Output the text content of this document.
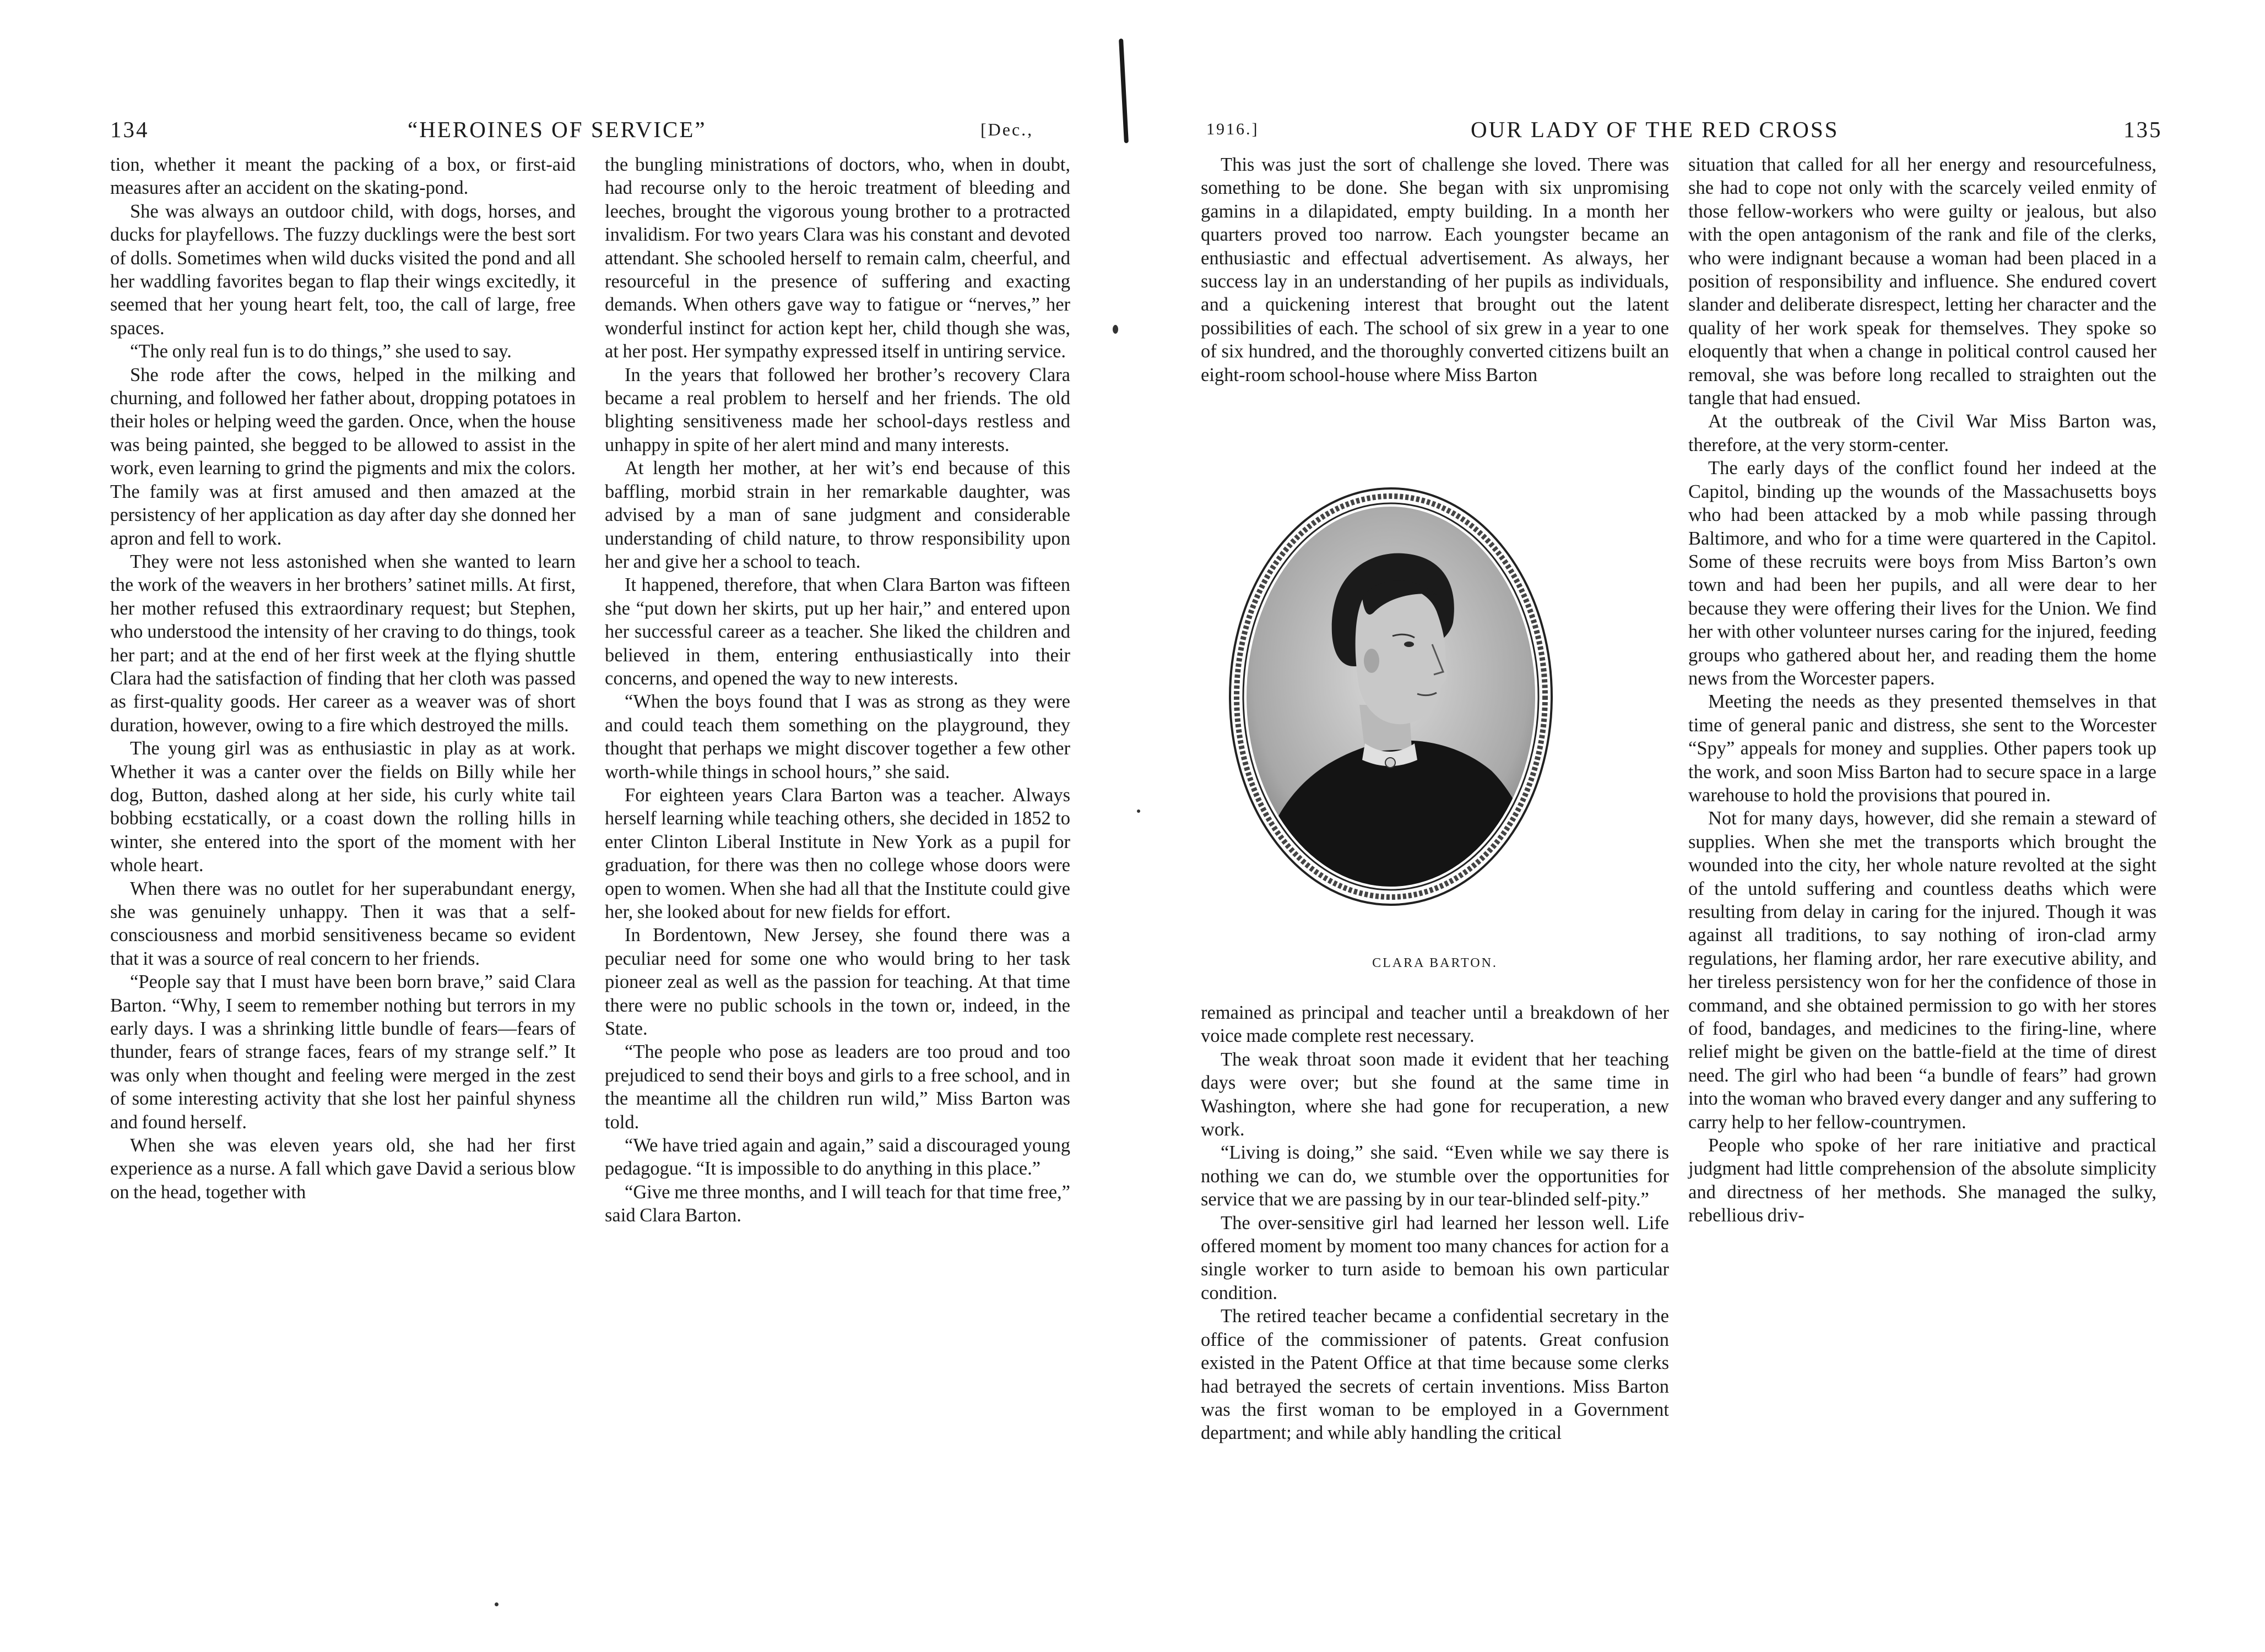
134	“HEROINES OF SERVICE”	[Dec.,

tion, whether it meant the packing of a box, or first-aid measures after an accident on the skating-pond.

She was always an outdoor child, with dogs, horses, and ducks for playfellows. The fuzzy ducklings were the best sort of dolls. Sometimes when wild ducks visited the pond and all her waddling favorites began to flap their wings excitedly, it seemed that her young heart felt, too, the call of large, free spaces.

“The only real fun is to do things,” she used to say.

She rode after the cows, helped in the milking and churning, and followed her father about, dropping potatoes in their holes or helping weed the garden. Once, when the house was being painted, she begged to be allowed to assist in the work, even learning to grind the pigments and mix the colors. The family was at first amused and then amazed at the persistency of her application as day after day she donned her apron and fell to work.

They were not less astonished when she wanted to learn the work of the weavers in her brothers’ satinet mills. At first, her mother refused this extraordinary request; but Stephen, who understood the intensity of her craving to do things, took her part; and at the end of her first week at the flying shuttle Clara had the satisfaction of finding that her cloth was passed as first-quality goods. Her career as a weaver was of short duration, however, owing to a fire which destroyed the mills.

The young girl was as enthusiastic in play as at work. Whether it was a canter over the fields on Billy while her dog, Button, dashed along at her side, his curly white tail bobbing ecstatically, or a coast down the rolling hills in winter, she entered into the sport of the moment with her whole heart.

When there was no outlet for her superabundant energy, she was genuinely unhappy. Then it was that a self-consciousness and morbid sensitiveness became so evident that it was a source of real concern to her friends.

“People say that I must have been born brave,” said Clara Barton. “Why, I seem to remember nothing but terrors in my early days. I was a shrinking little bundle of fears—fears of thunder, fears of strange faces, fears of my strange self.” It was only when thought and feeling were merged in the zest of some interesting activity that she lost her painful shyness and found herself.

When she was eleven years old, she had her first experience as a nurse. A fall which gave David a serious blow on the head, together with

the bungling ministrations of doctors, who, when in doubt, had recourse only to the heroic treatment of bleeding and leeches, brought the vigorous young brother to a protracted invalidism. For two years Clara was his constant and devoted attendant. She schooled herself to remain calm, cheerful, and resourceful in the presence of suffering and exacting demands. When others gave way to fatigue or “nerves,” her wonderful instinct for action kept her, child though she was, at her post. Her sympathy expressed itself in untiring service.

In the years that followed her brother’s recovery Clara became a real problem to herself and her friends. The old blighting sensitiveness made her school-days restless and unhappy in spite of her alert mind and many interests.

At length her mother, at her wit’s end because of this baffling, morbid strain in her remarkable daughter, was advised by a man of sane judgment and considerable understanding of child nature, to throw responsibility upon her and give her a school to teach.

It happened, therefore, that when Clara Barton was fifteen she “put down her skirts, put up her hair,” and entered upon her successful career as a teacher. She liked the children and believed in them, entering enthusiastically into their concerns, and opened the way to new interests.

“When the boys found that I was as strong as they were and could teach them something on the playground, they thought that perhaps we might discover together a few other worth-while things in school hours,” she said.

For eighteen years Clara Barton was a teacher. Always herself learning while teaching others, she decided in 1852 to enter Clinton Liberal Institute in New York as a pupil for graduation, for there was then no college whose doors were open to women. When she had all that the Institute could give her, she looked about for new fields for effort.

In Bordentown, New Jersey, she found there was a peculiar need for some one who would bring to her task pioneer zeal as well as the passion for teaching. At that time there were no public schools in the town or, indeed, in the State.

“The people who pose as leaders are too proud and too prejudiced to send their boys and girls to a free school, and in the meantime all the children run wild,” Miss Barton was told.

“We have tried again and again,” said a discouraged young pedagogue. “It is impossible to do anything in this place.”

“Give me three months, and I will teach for that time free,” said Clara Barton.

1916.]	OUR LADY OF THE RED CROSS	135

This was just the sort of challenge she loved. There was something to be done. She began with six unpromising gamins in a dilapidated, empty building. In a month her quarters proved too narrow. Each youngster became an enthusiastic and effectual advertisement. As always, her success lay in an understanding of her pupils as individuals, and a quickening interest that brought out the latent possibilities of each. The school of six grew in a year to one of six hundred, and the thoroughly converted citizens built an eight-room school-house where Miss Barton

CLARA BARTON.

remained as principal and teacher until a breakdown of her voice made complete rest necessary.

The weak throat soon made it evident that her teaching days were over; but she found at the same time in Washington, where she had gone for recuperation, a new work.

“Living is doing,” she said. “Even while we say there is nothing we can do, we stumble over the opportunities for service that we are passing by in our tear-blinded self-pity.”

The over-sensitive girl had learned her lesson well. Life offered moment by moment too many chances for action for a single worker to turn aside to bemoan his own particular condition.

The retired teacher became a confidential secretary in the office of the commissioner of patents. Great confusion existed in the Patent Office at that time because some clerks had betrayed the secrets of certain inventions. Miss Barton was the first woman to be employed in a Government department; and while ably handling the critical

situation that called for all her energy and resourcefulness, she had to cope not only with the scarcely veiled enmity of those fellow-workers who were guilty or jealous, but also with the open antagonism of the rank and file of the clerks, who were indignant because a woman had been placed in a position of responsibility and influence. She endured covert slander and deliberate disrespect, letting her character and the quality of her work speak for themselves. They spoke so eloquently that when a change in political control caused her removal, she was before long recalled to straighten out the tangle that had ensued.

At the outbreak of the Civil War Miss Barton was, therefore, at the very storm-center.

The early days of the conflict found her indeed at the Capitol, binding up the wounds of the Massachusetts boys who had been attacked by a mob while passing through Baltimore, and who for a time were quartered in the Capitol. Some of these recruits were boys from Miss Barton’s own town and had been her pupils, and all were dear to her because they were offering their lives for the Union. We find her with other volunteer nurses caring for the injured, feeding groups who gathered about her, and reading them the home news from the Worcester papers.

Meeting the needs as they presented themselves in that time of general panic and distress, she sent to the Worcester “Spy” appeals for money and supplies. Other papers took up the work, and soon Miss Barton had to secure space in a large warehouse to hold the provisions that poured in.

Not for many days, however, did she remain a steward of supplies. When she met the transports which brought the wounded into the city, her whole nature revolted at the sight of the untold suffering and countless deaths which were resulting from delay in caring for the injured. Though it was against all traditions, to say nothing of iron-clad army regulations, her flaming ardor, her rare executive ability, and her tireless persistency won for her the confidence of those in command, and she obtained permission to go with her stores of food, bandages, and medicines to the firing-line, where relief might be given on the battle-field at the time of direst need. The girl who had been “a bundle of fears” had grown into the woman who braved every danger and any suffering to carry help to her fellow-countrymen.

People who spoke of her rare initiative and practical judgment had little comprehension of the absolute simplicity and directness of her methods. She managed the sulky, rebellious driv-
